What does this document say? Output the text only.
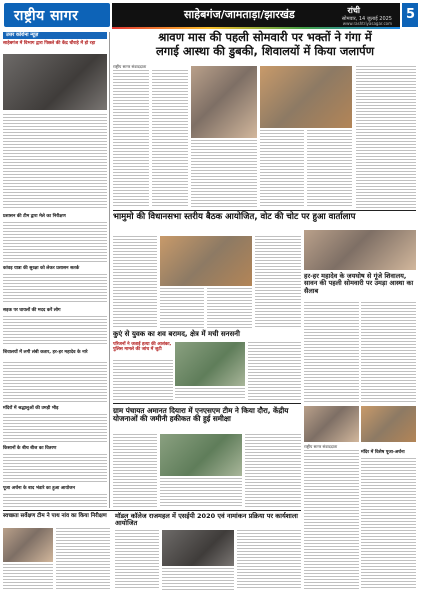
राष्ट्रीय सागर	साहेबगंज/जामताड़ा/झारखंड	रांची
सोमवार, 14 जुलाई 2025
www.rashtriyasagar.com
5
उत्तर कोरोना न्यूज़
साहेबगंज में विभाग द्वारा पिछले की केंद्र चौराहे में हो रहा
प्रशासन की टीम द्वारा मेले का निरीक्षण
कांवड़ यात्रा की सुरक्षा को लेकर प्रशासन सतर्क
सड़क पर घायलों की मदद करें लोग
शिवालयों में लगी लंबी कतार, हर-हर महादेव के नारे
मंदिरों में श्रद्धालुओं की उमड़ी भीड़
किसानों के बीच बीज का वितरण
पूजा अर्चना के बाद भंडारे का हुआ आयोजन
श्रावण मास की पहली सोमवारी पर भक्तों ने गंगा में
लगाई आस्था की डुबकी, शिवालयों में किया जलार्पण
राष्ट्रीय सागर संवाददाता
भामुमो की विधानसभा स्तरीय बैठक आयोजित, वोट की चोट पर हुआ वार्तालाप
हर-हर महादेव के जयघोष से गूंजे शिवालय, सावन की पहली सोमवारी पर उमड़ा आस्था का सैलाब
कुएं से युवक का शव बरामद, क्षेत्र में मची सनसनी
परिजनों ने जताई हत्या की आशंका, पुलिस मामले की जांच में जुटी
ग्राम पंचायत अमानत दियारा में एनएसएम टीम ने किया दौरा, केंद्रीय योजनाओं की जमीनी हकीकत की हुई समीक्षा
राष्ट्रीय सागर संवाददाता
मंदिर में विशेष पूजा-अर्चना
स्वच्छता सर्वेक्षण टीम ने पाथ नांव का किया निरीक्षण	मॉडल कॉलेज राजमहल में एसईपी 2020 एवं नामांकन प्रक्रिया पर कार्यशाला आयोजित
